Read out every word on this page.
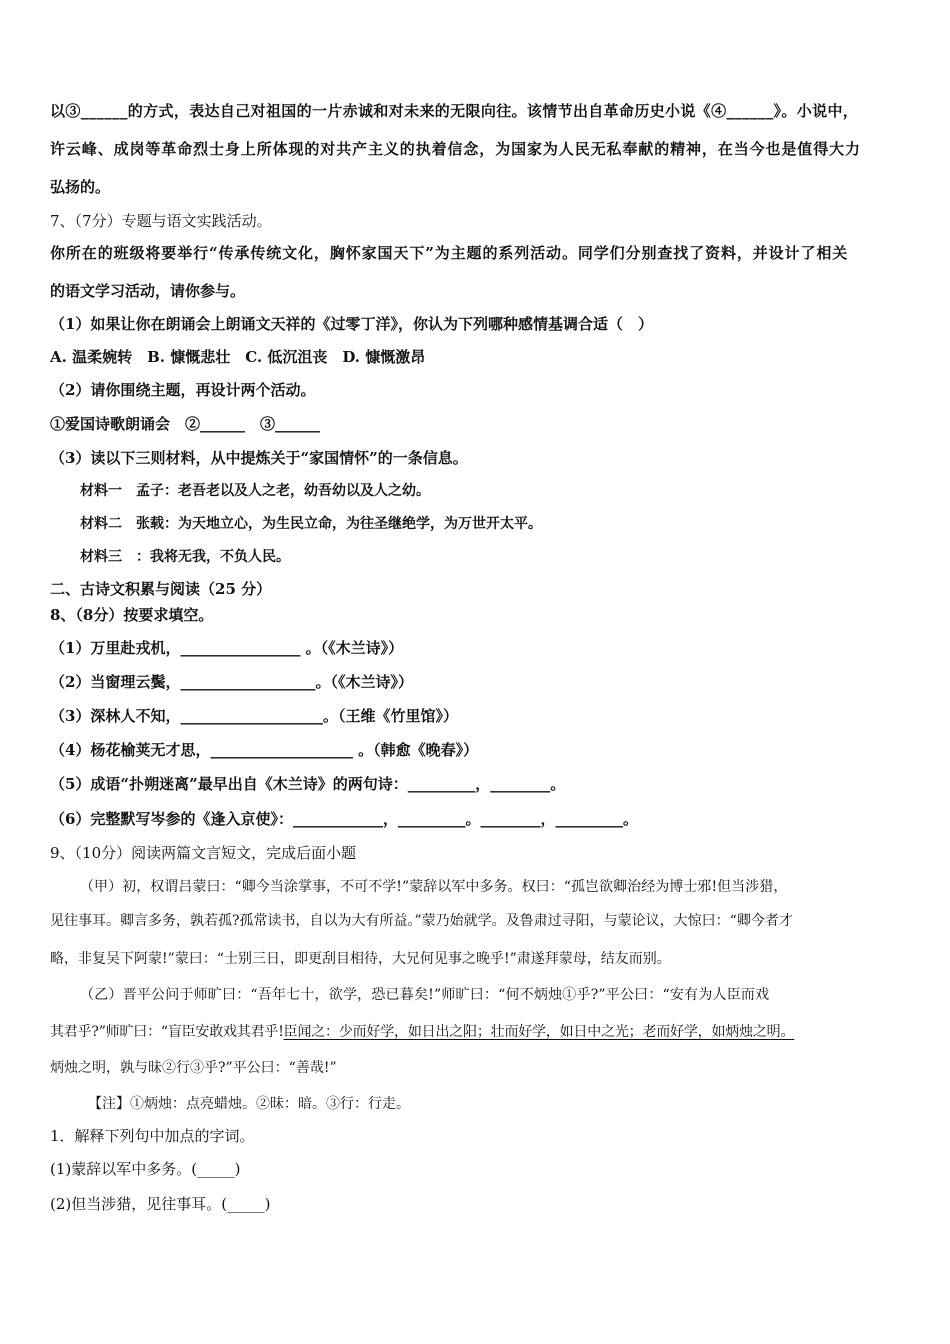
以③______的方式，表达自己对祖国的一片赤诚和对未来的无限向往。该情节出自革命历史小说《④______》。小说中，
许云峰、成岗等革命烈士身上所体现的对共产主义的执着信念，为国家为人民无私奉献的精神，在当今也是值得大力
弘扬的。
7、（7分）专题与语文实践活动。
你所在的班级将要举行“传承传统文化，胸怀家国天下”为主题的系列活动。同学们分别查找了资料，并设计了相关
的语文学习活动，请你参与。
（1）如果让你在朗诵会上朗诵文天祥的《过零丁洋》，你认为下列哪种感情基调合适（　）
A. 温柔婉转　B. 慷慨悲壮　C. 低沉沮丧　D. 慷慨激昂
（2）请你围绕主题，再设计两个活动。
①爱国诗歌朗诵会　②______　③______
（3）读以下三则材料，从中提炼关于“家国情怀”的一条信息。
材料一　孟子：老吾老以及人之老，幼吾幼以及人之幼。
材料二　张载：为天地立心，为生民立命，为往圣继绝学，为万世开太平。
材料三　：我将无我，不负人民。
二、古诗文积累与阅读（25 分）
8、（8分）按要求填空。
（1）万里赴戎机，________________ 。（《木兰诗》）
（2）当窗理云鬓，__________________。（《木兰诗》）
（3）深林人不知，___________________。（王维《竹里馆》）
（4）杨花榆荚无才思，___________________ 。（韩愈《晚春》）
（5）成语“扑朔迷离”最早出自《木兰诗》的两句诗：_________，________。
（6）完整默写岑参的《逢入京使》：____________，_________。________，_________。
9、（10分）阅读两篇文言短文，完成后面小题
（甲）初，权谓吕蒙曰：“卿今当涂掌事，不可不学!”蒙辞以军中多务。权曰：“孤岂欲卿治经为博士邪!但当涉猎，
见往事耳。卿言多务，孰若孤?孤常读书，自以为大有所益。”蒙乃始就学。及鲁肃过寻阳，与蒙论议，大惊曰：“卿今者才
略，非复吴下阿蒙!”蒙曰：“士别三日，即更刮目相待，大兄何见事之晚乎!”肃遂拜蒙母，结友而别。
（乙）晋平公问于师旷曰：“吾年七十，欲学，恐已暮矣!”师旷曰：“何不炳烛①乎?”平公曰：“安有为人臣而戏
其君乎?”师旷曰：“盲臣安敢戏其君乎!臣闻之：少而好学，如日出之阳；壮而好学，如日中之光；老而好学，如炳烛之明。
炳烛之明，孰与昧②行③乎?”平公曰：“善哉!”
【注】①炳烛：点亮蜡烛。②昧：暗。③行：行走。
1．解释下列句中加点的字词。
(1)蒙辞以军中多务。(_____)
(2)但当涉猎，见往事耳。(_____)
